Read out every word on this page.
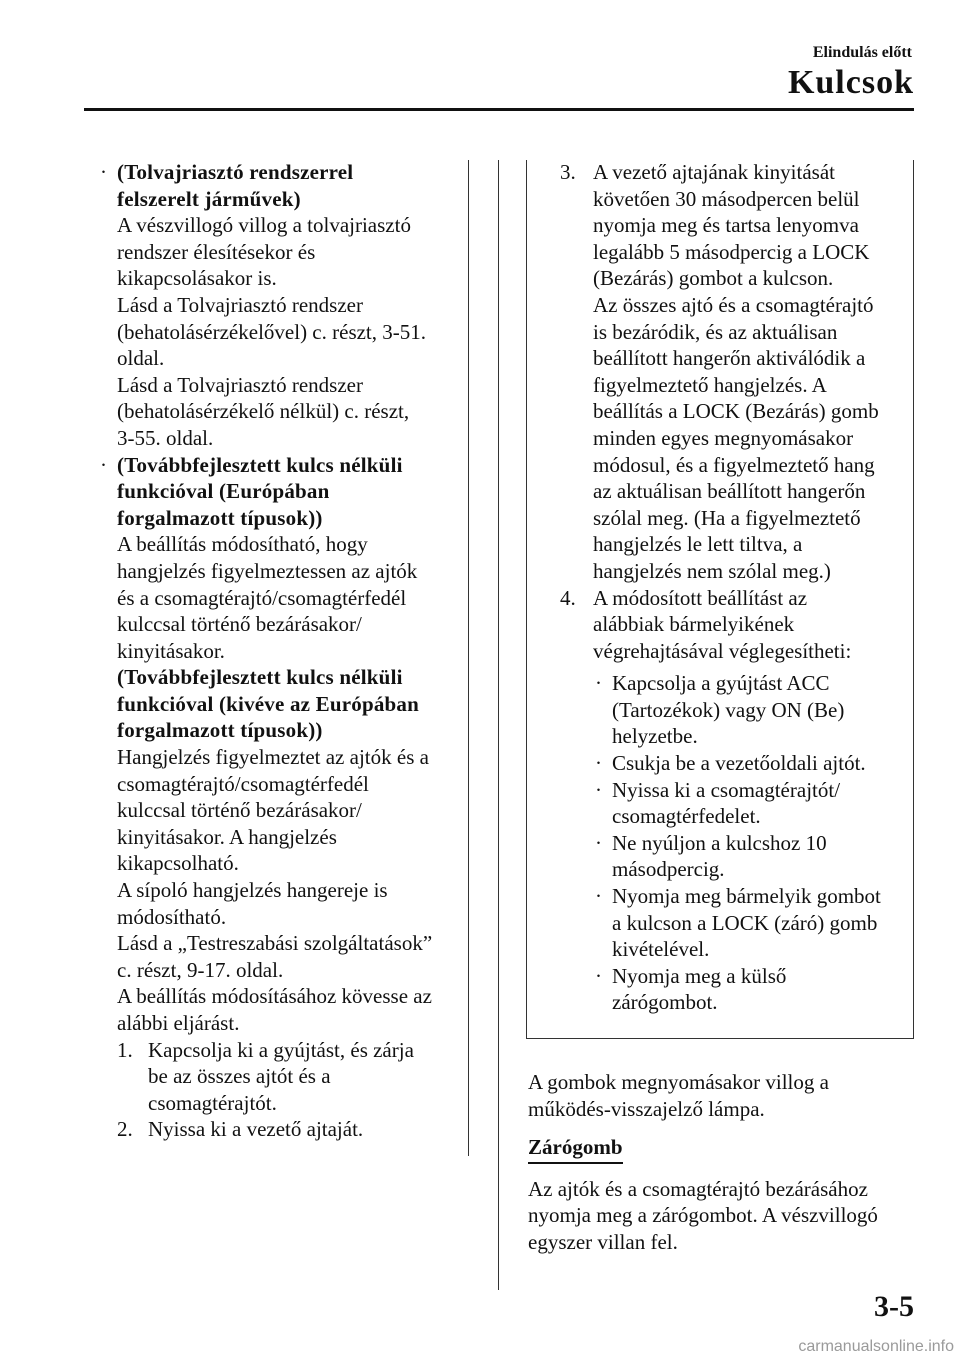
Elindulás előtt
Kulcsok
· (Tolvajriasztó rendszerrel
felszerelt járművek)
A vészvillogó villog a tolvajriasztó
rendszer élesítésekor és
kikapcsolásakor is.
Lásd a Tolvajriasztó rendszer
(behatolásérzékelővel) c. részt, 3-51.
oldal.
Lásd a Tolvajriasztó rendszer
(behatolásérzékelő nélkül) c. részt,
3-55. oldal.
· (Továbbfejlesztett kulcs nélküli
funkcióval (Európában
forgalmazott típusok))
A beállítás módosítható, hogy
hangjelzés figyelmeztessen az ajtók
és a csomagtérajtó/csomagtérfedél
kulccsal történő bezárásakor/
kinyitásakor.
(Továbbfejlesztett kulcs nélküli
funkcióval (kivéve az Európában
forgalmazott típusok))
Hangjelzés figyelmeztet az ajtók és a
csomagtérajtó/csomagtérfedél
kulccsal történő bezárásakor/
kinyitásakor. A hangjelzés
kikapcsolható.
A sípoló hangjelzés hangereje is
módosítható.
Lásd a „Testreszabási szolgáltatások”
c. részt, 9-17. oldal.
A beállítás módosításához kövesse az
alábbi eljárást.
1. Kapcsolja ki a gyújtást, és zárja
be az összes ajtót és a
csomagtérajtót.
2. Nyissa ki a vezető ajtaját.
3. A vezető ajtajának kinyitását
követően 30 másodpercen belül
nyomja meg és tartsa lenyomva
legalább 5 másodpercig a LOCK
(Bezárás) gombot a kulcson.
Az összes ajtó és a csomagtérajtó
is bezáródik, és az aktuálisan
beállított hangerőn aktiválódik a
figyelmeztető hangjelzés. A
beállítás a LOCK (Bezárás) gomb
minden egyes megnyomásakor
módosul, és a figyelmeztető hang
az aktuálisan beállított hangerőn
szólal meg. (Ha a figyelmeztető
hangjelzés le lett tiltva, a
hangjelzés nem szólal meg.)
4. A módosított beállítást az
alábbiak bármelyikének
végrehajtásával véglegesítheti:
· Kapcsolja a gyújtást ACC
(Tartozékok) vagy ON (Be)
helyzetbe.
· Csukja be a vezetőoldali ajtót.
· Nyissa ki a csomagtérajtót/
csomagtérfedelet.
· Ne nyúljon a kulcshoz 10
másodpercig.
· Nyomja meg bármelyik gombot
a kulcson a LOCK (záró) gomb
kivételével.
· Nyomja meg a külső
zárógombot.
A gombok megnyomásakor villog a
működés-visszajelző lámpa.
Zárógomb
Az ajtók és a csomagtérajtó bezárásához
nyomja meg a zárógombot. A vészvillogó
egyszer villan fel.
3-5
carmanualsonline.info
